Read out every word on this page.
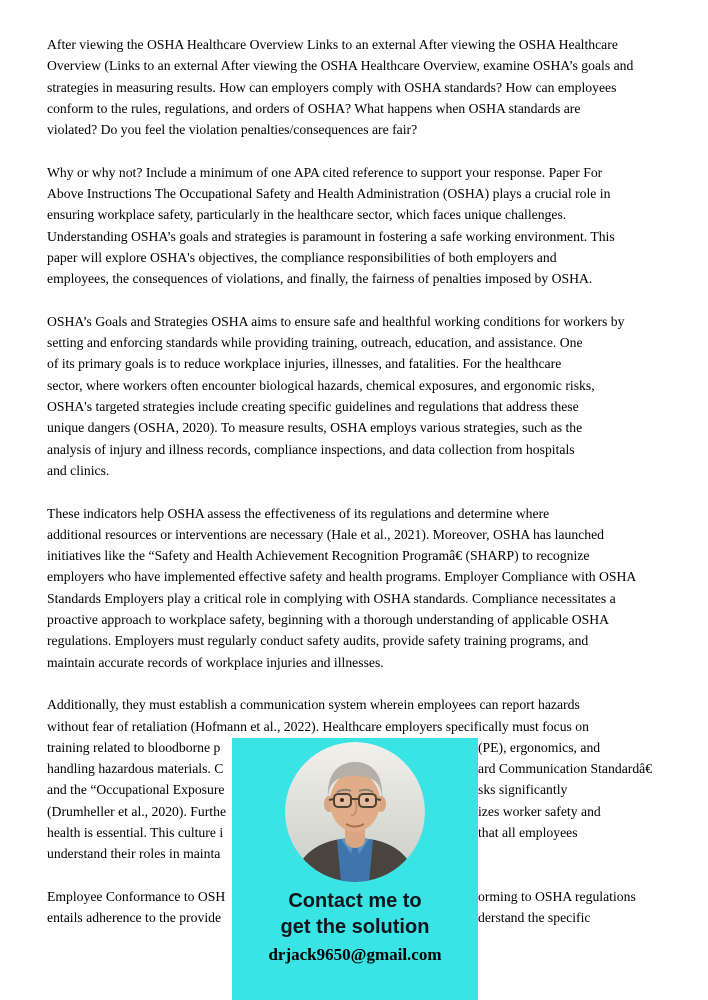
After viewing the OSHA Healthcare Overview Links to an external After viewing the OSHA Healthcare
Overview (Links to an external After viewing the OSHA Healthcare Overview, examine OSHA’s goals and
strategies in measuring results. How can employers comply with OSHA standards? How can employees
conform to the rules, regulations, and orders of OSHA? What happens when OSHA standards are
violated? Do you feel the violation penalties/consequences are fair?
Why or why not? Include a minimum of one APA cited reference to support your response. Paper For
Above Instructions The Occupational Safety and Health Administration (OSHA) plays a crucial role in
ensuring workplace safety, particularly in the healthcare sector, which faces unique challenges.
Understanding OSHA’s goals and strategies is paramount in fostering a safe working environment. This
paper will explore OSHA's objectives, the compliance responsibilities of both employers and
employees, the consequences of violations, and finally, the fairness of penalties imposed by OSHA.
OSHA’s Goals and Strategies OSHA aims to ensure safe and healthful working conditions for workers by
setting and enforcing standards while providing training, outreach, education, and assistance. One
of its primary goals is to reduce workplace injuries, illnesses, and fatalities. For the healthcare
sector, where workers often encounter biological hazards, chemical exposures, and ergonomic risks,
OSHA's targeted strategies include creating specific guidelines and regulations that address these
unique dangers (OSHA, 2020). To measure results, OSHA employs various strategies, such as the
analysis of injury and illness records, compliance inspections, and data collection from hospitals
and clinics.
These indicators help OSHA assess the effectiveness of its regulations and determine where
additional resources or interventions are necessary (Hale et al., 2021). Moreover, OSHA has launched
initiatives like the “Safety and Health Achievement Recognition Programâ€ (SHARP) to recognize
employers who have implemented effective safety and health programs. Employer Compliance with OSHA
Standards Employers play a critical role in complying with OSHA standards. Compliance necessitates a
proactive approach to workplace safety, beginning with a thorough understanding of applicable OSHA
regulations. Employers must regularly conduct safety audits, provide safety training programs, and
maintain accurate records of workplace injuries and illnesses.
Additionally, they must establish a communication system wherein employees can report hazards
without fear of retaliation (Hofmann et al., 2022). Healthcare employers specifically must focus on
training related to bloodborne p	(PE), ergonomics, and
handling hazardous materials. C	ard Communication Standardâ€
and the “Occupational Exposure	sks significantly
(Drumheller et al., 2020). Furthe	izes worker safety and
health is essential. This culture i	that all employees
understand their roles in mainta
Employee Conformance to OSH	orming to OSHA regulations
entails adherence to the provide	derstand the specific
Contact me to
get the solution
drjack9650@gmail.com
